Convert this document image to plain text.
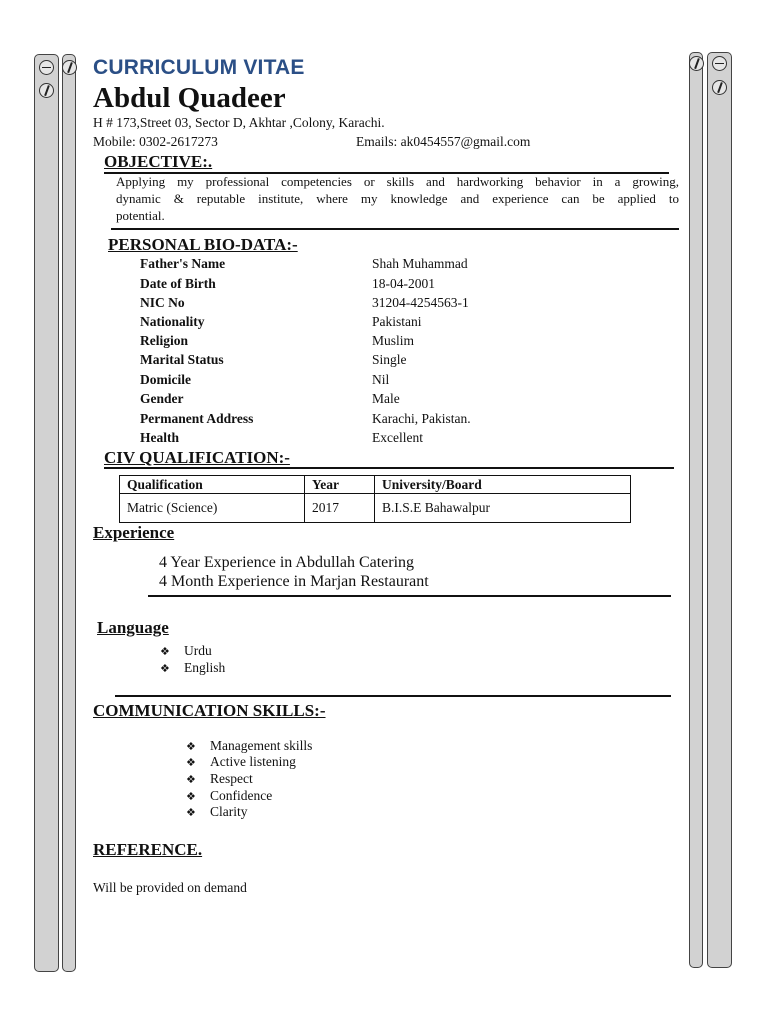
CURRICULUM VITAE
Abdul Quadeer
H # 173,Street 03, Sector D, Akhtar ,Colony, Karachi.
Mobile: 0302-2617273	Emails: ak0454557@gmail.com
OBJECTIVE:.
Applying my professional competencies or skills and hardworking behavior in a growing,
dynamic & reputable institute, where my knowledge and experience can be applied to
potential.
PERSONAL BIO-DATA:-
Father's Name	Shah Muhammad
Date of Birth	18-04-2001
NIC No	31204-4254563-1
Nationality	Pakistani
Religion	Muslim
Marital Status	Single
Domicile	Nil
Gender	Male
Permanent Address	Karachi, Pakistan.
Health	Excellent
CIV QUALIFICATION:-
Qualification	Year	University/Board
Matric (Science)	2017	B.I.S.E Bahawalpur
Experience
4 Year Experience in Abdullah Catering
4 Month Experience in Marjan Restaurant
Language
❖ Urdu
❖ English
COMMUNICATION SKILLS:-
❖ Management skills
❖ Active listening
❖ Respect
❖ Confidence
❖ Clarity
REFERENCE.
Will be provided on demand
